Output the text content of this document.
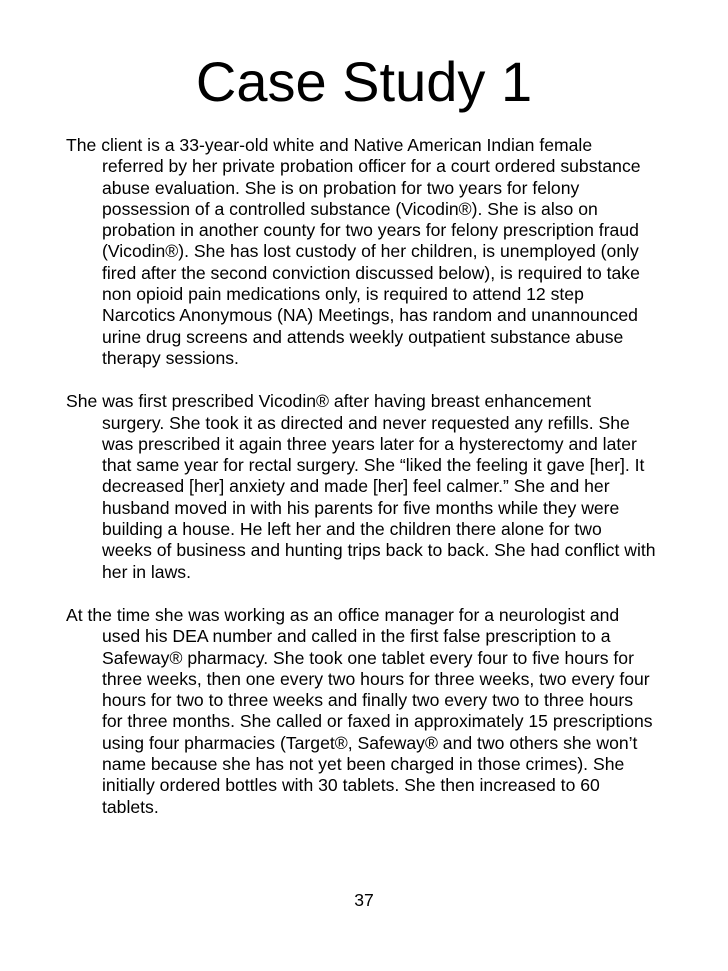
Case Study 1

The client is a 33-year-old white and Native American Indian female referred by her private probation officer for a court ordered substance abuse evaluation. She is on probation for two years for felony possession of a controlled substance (Vicodin®). She is also on probation in another county for two years for felony prescription fraud (Vicodin®). She has lost custody of her children, is unemployed (only fired after the second conviction discussed below), is required to take non opioid pain medications only, is required to attend 12 step Narcotics Anonymous (NA) Meetings, has random and unannounced urine drug screens and attends weekly outpatient substance abuse therapy sessions.

She was first prescribed Vicodin® after having breast enhancement surgery. She took it as directed and never requested any refills. She was prescribed it again three years later for a hysterectomy and later that same year for rectal surgery. She “liked the feeling it gave [her]. It decreased [her] anxiety and made [her] feel calmer.” She and her husband moved in with his parents for five months while they were building a house. He left her and the children there alone for two weeks of business and hunting trips back to back. She had conflict with her in laws.

At the time she was working as an office manager for a neurologist and used his DEA number and called in the first false prescription to a Safeway® pharmacy. She took one tablet every four to five hours for three weeks, then one every two hours for three weeks, two every four hours for two to three weeks and finally two every two to three hours for three months. She called or faxed in approximately 15 prescriptions using four pharmacies (Target®, Safeway® and two others she won’t name because she has not yet been charged in those crimes). She initially ordered bottles with 30 tablets. She then increased to 60 tablets.

37
